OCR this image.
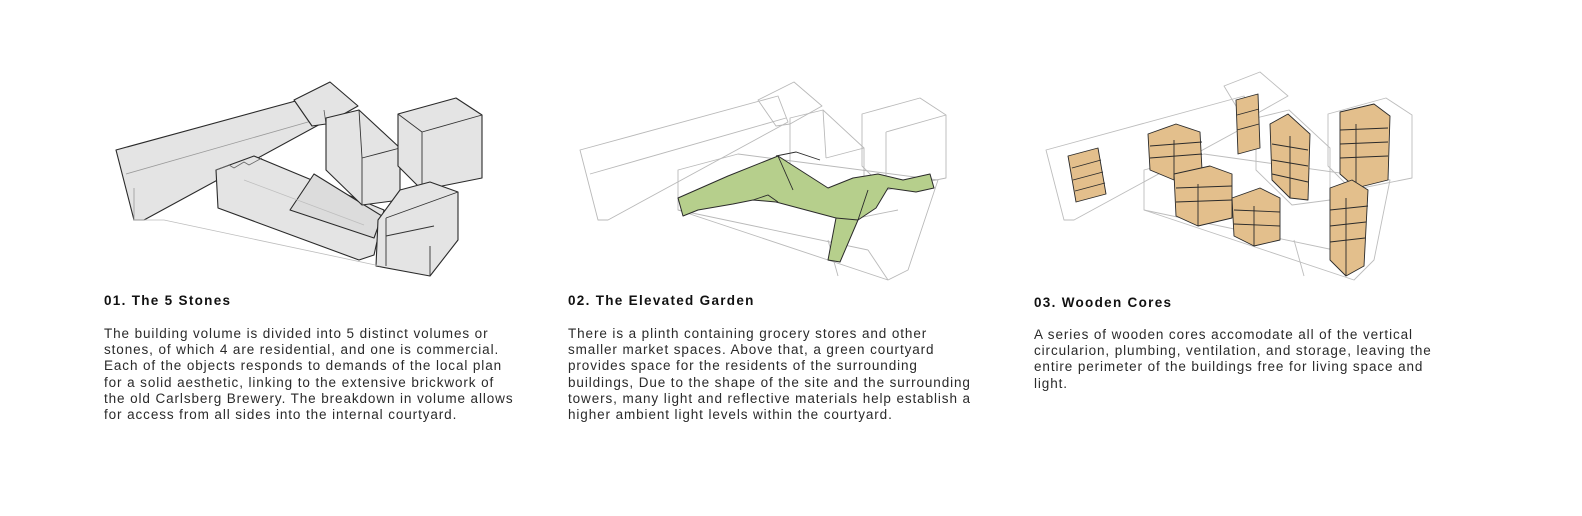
01. The 5 Stones

The building volume is divided into 5 distinct volumes or
stones, of which 4 are residential, and one is commercial.
Each of the objects responds to demands of the local plan
for a solid aesthetic, linking to the extensive brickwork of
the old Carlsberg Brewery. The breakdown in volume allows
for access from all sides into the internal courtyard.

02. The Elevated Garden

There is a plinth containing grocery stores and other
smaller market spaces. Above that, a green courtyard
provides space for the residents of the surrounding
buildings, Due to the shape of the site and the surrounding
towers, many light and reflective materials help establish a
higher ambient light levels within the courtyard.

03. Wooden Cores

A series of wooden cores accomodate all of the vertical
circularion, plumbing, ventilation, and storage, leaving the
entire perimeter of the buildings free for living space and
light.
